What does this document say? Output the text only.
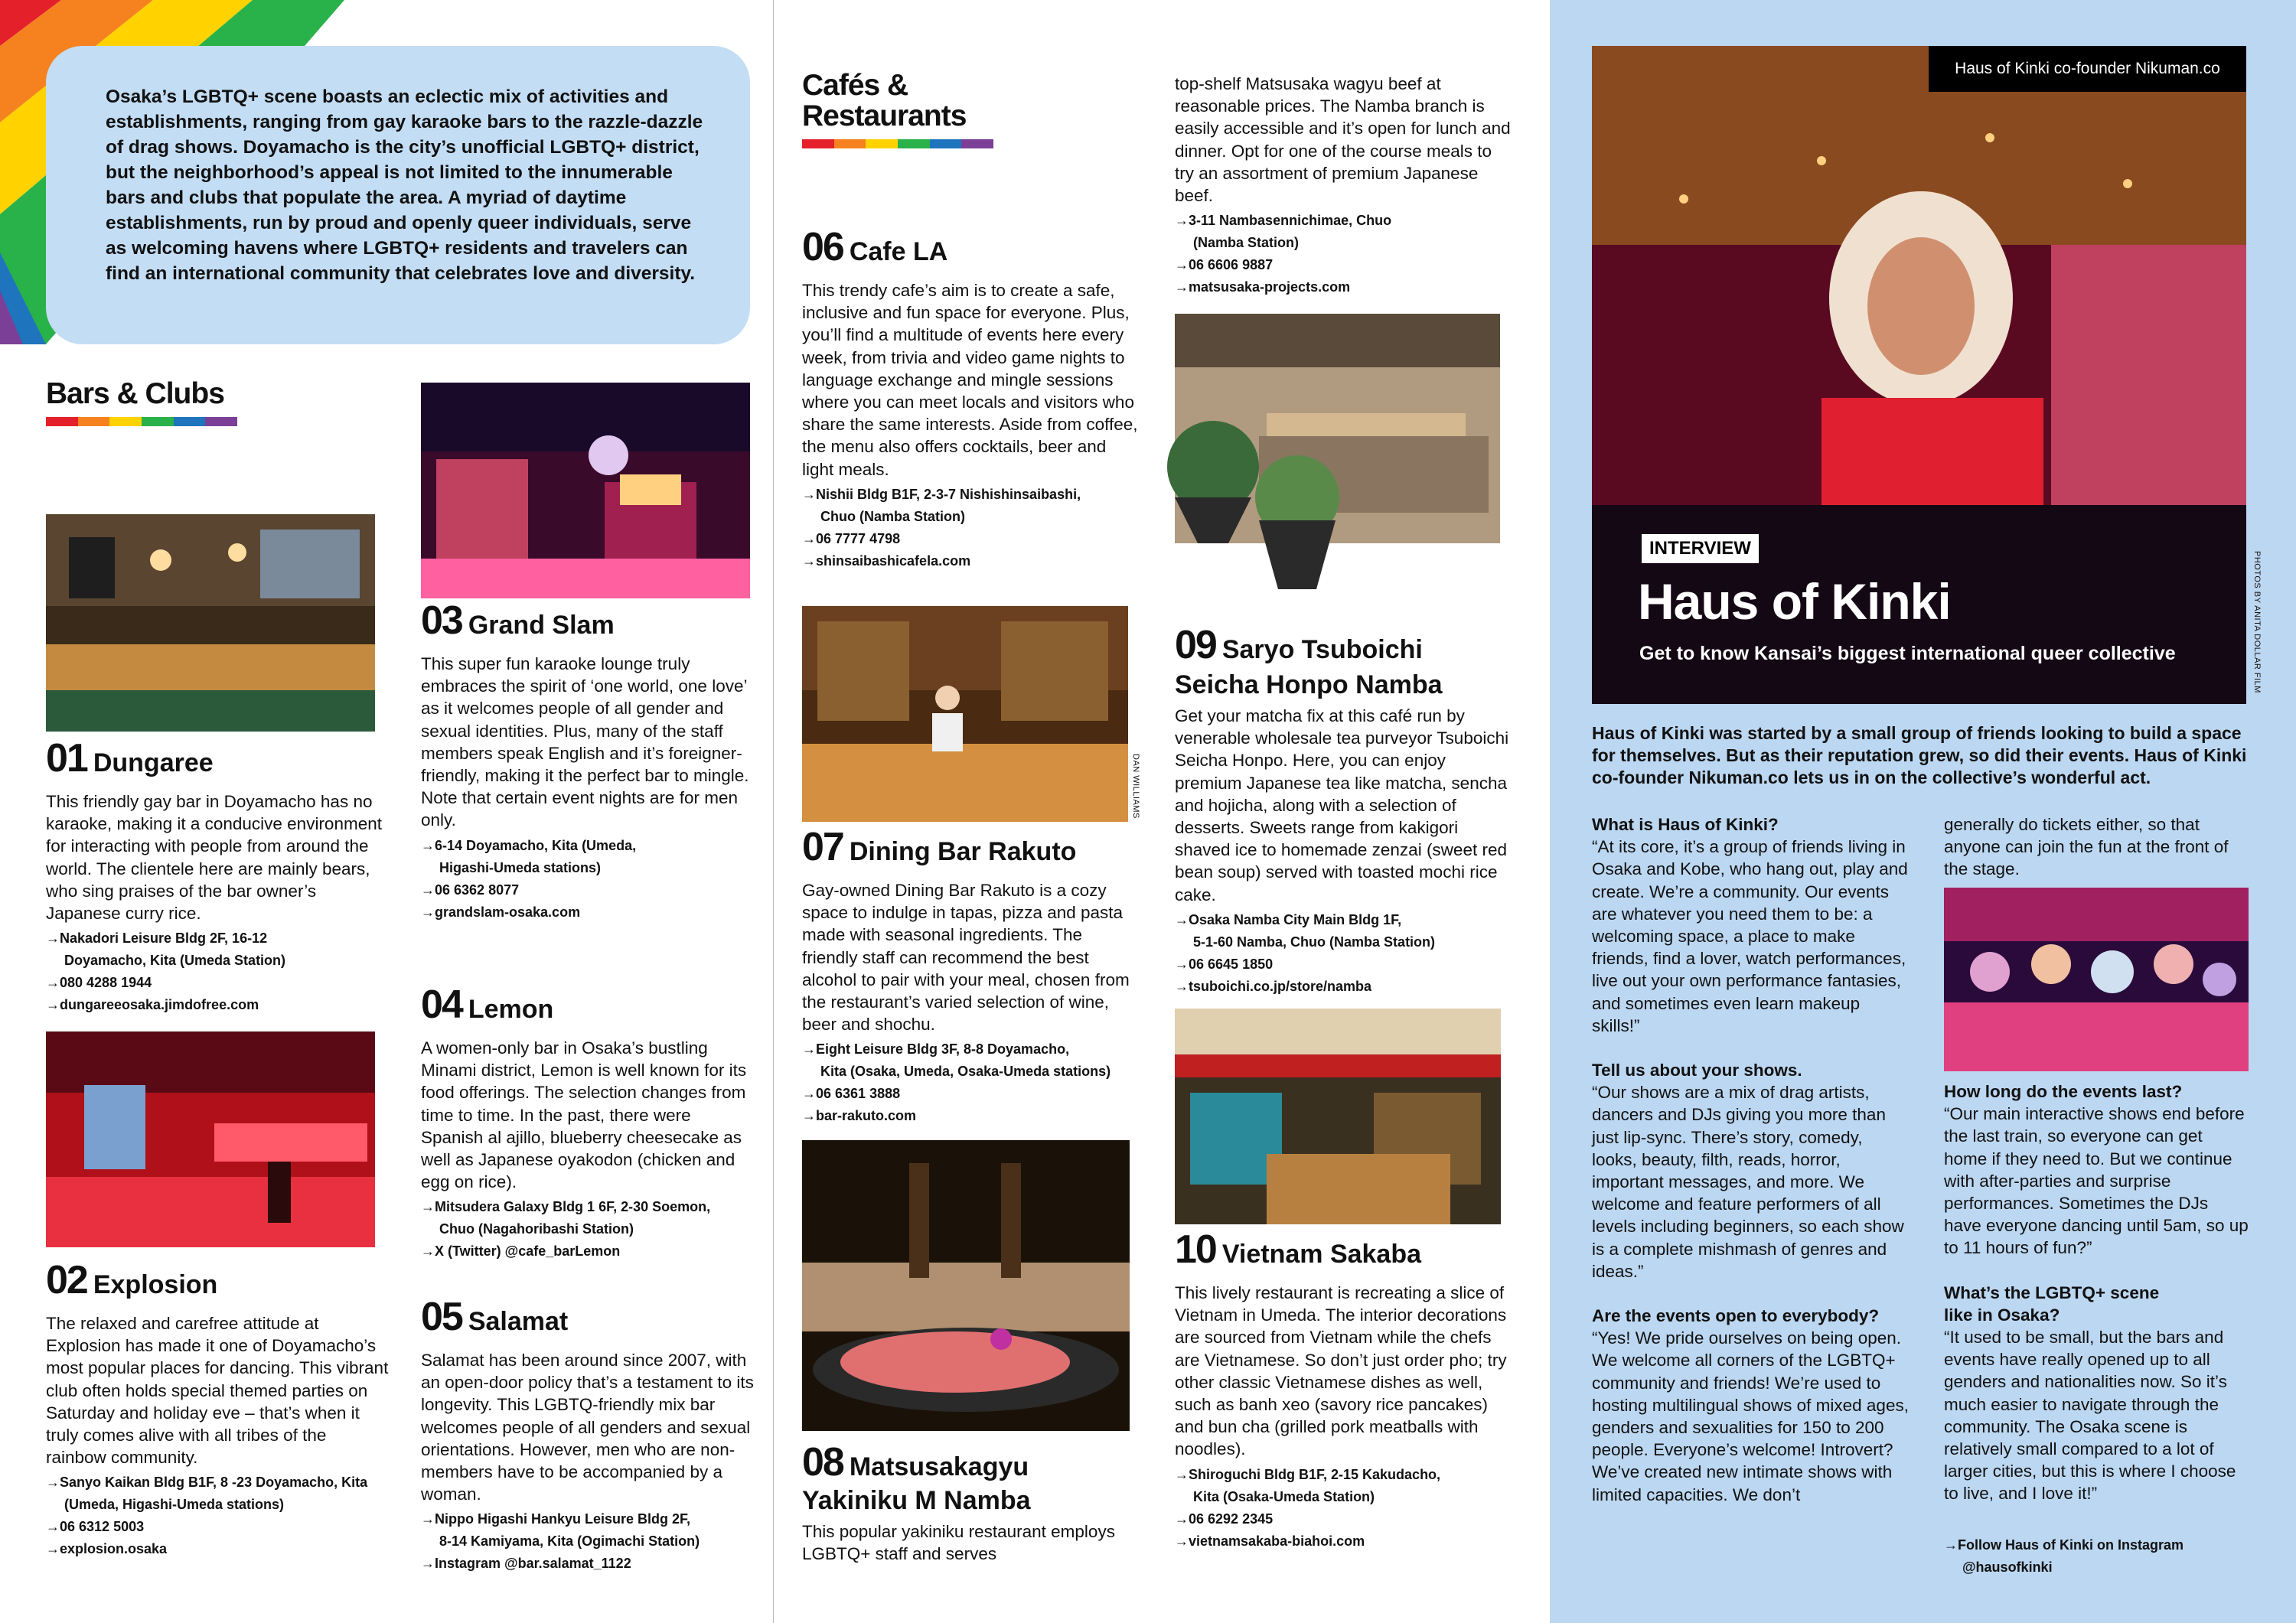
Osaka’s LGBTQ+ scene boasts an eclectic mix of activities and establishments, ranging from gay karaoke bars to the razzle-dazzle of drag shows. Doyamacho is the city’s unofficial LGBTQ+ district, but the neighborhood’s appeal is not limited to the innumerable bars and clubs that populate the area. A myriad of daytime establishments, run by proud and openly queer individuals, serve as welcoming havens where LGBTQ+ residents and travelers can find an international community that celebrates love and diversity.
Bars & Clubs
01 Dungaree
This friendly gay bar in Doyamacho has no karaoke, making it a conducive environment for interacting with people from around the world. The clientele here are mainly bears, who sing praises of the bar owner’s Japanese curry rice.
→Nakadori Leisure Bldg 2F, 16-12
Doyamacho, Kita (Umeda Station)
→080 4288 1944
→dungareeosaka.jimdofree.com
02 Explosion
The relaxed and carefree attitude at Explosion has made it one of Doyamacho’s most popular places for dancing. This vibrant club often holds special themed parties on Saturday and holiday eve – that’s when it truly comes alive with all tribes of the rainbow community.
→Sanyo Kaikan Bldg B1F, 8 -23 Doyamacho, Kita
(Umeda, Higashi-Umeda stations)
→06 6312 5003
→explosion.osaka
03 Grand Slam
This super fun karaoke lounge truly embraces the spirit of ‘one world, one love’ as it welcomes people of all gender and sexual identities. Plus, many of the staff members speak English and it’s foreigner-friendly, making it the perfect bar to mingle. Note that certain event nights are for men only.
→6-14 Doyamacho, Kita (Umeda,
Higashi-Umeda stations)
→06 6362 8077
→grandslam-osaka.com
04 Lemon
A women-only bar in Osaka’s bustling Minami district, Lemon is well known for its food offerings. The selection changes from time to time. In the past, there were Spanish al ajillo, blueberry cheesecake as well as Japanese oyakodon (chicken and egg on rice).
→Mitsudera Galaxy Bldg 1 6F, 2-30 Soemon,
Chuo (Nagahoribashi Station)
→X (Twitter) @cafe_barLemon
05 Salamat
Salamat has been around since 2007, with an open-door policy that’s a testament to its longevity. This LGBTQ-friendly mix bar welcomes people of all genders and sexual orientations. However, men who are non-members have to be accompanied by a woman.
→Nippo Higashi Hankyu Leisure Bldg 2F,
8-14 Kamiyama, Kita (Ogimachi Station)
→Instagram @bar.salamat_1122
Cafés &
Restaurants
06 Cafe LA
This trendy cafe’s aim is to create a safe, inclusive and fun space for everyone. Plus, you’ll find a multitude of events here every week, from trivia and video game nights to language exchange and mingle sessions where you can meet locals and visitors who share the same interests. Aside from coffee, the menu also offers cocktails, beer and light meals.
→Nishii Bldg B1F, 2-3-7 Nishishinsaibashi,
Chuo (Namba Station)
→06 7777 4798
→shinsaibashicafela.com
DAN WILLIAMS
07 Dining Bar Rakuto
Gay-owned Dining Bar Rakuto is a cozy space to indulge in tapas, pizza and pasta made with seasonal ingredients. The friendly staff can recommend the best alcohol to pair with your meal, chosen from the restaurant’s varied selection of wine, beer and shochu.
→Eight Leisure Bldg 3F, 8-8 Doyamacho,
Kita (Osaka, Umeda, Osaka-Umeda stations)
→06 6361 3888
→bar-rakuto.com
08 Matsusakagyu
Yakiniku M Namba
This popular yakiniku restaurant employs LGBTQ+ staff and serves
top-shelf Matsusaka wagyu beef at reasonable prices. The Namba branch is easily accessible and it’s open for lunch and dinner. Opt for one of the course meals to try an assortment of premium Japanese beef.
→3-11 Nambasennichimae, Chuo
(Namba Station)
→06 6606 9887
→matsusaka-projects.com
09 Saryo Tsuboichi
Seicha Honpo Namba
Get your matcha fix at this café run by venerable wholesale tea purveyor Tsuboichi Seicha Honpo. Here, you can enjoy premium Japanese tea like matcha, sencha and hojicha, along with a selection of desserts. Sweets range from kakigori shaved ice to homemade zenzai (sweet red bean soup) served with toasted mochi rice cake.
→Osaka Namba City Main Bldg 1F,
5-1-60 Namba, Chuo (Namba Station)
→06 6645 1850
→tsuboichi.co.jp/store/namba
10 Vietnam Sakaba
This lively restaurant is recreating a slice of Vietnam in Umeda. The interior decorations are sourced from Vietnam while the chefs are Vietnamese. So don’t just order pho; try other classic Vietnamese dishes as well, such as banh xeo (savory rice pancakes) and bun cha (grilled pork meatballs with noodles).
→Shiroguchi Bldg B1F, 2-15 Kakudacho,
Kita (Osaka-Umeda Station)
→06 6292 2345
→vietnamsakaba-biahoi.com
Haus of Kinki co-founder Nikuman.co
INTERVIEW
Haus of Kinki
Get to know Kansai’s biggest international queer collective	PHOTOS BY ANITA DOLLAR FILM
Haus of Kinki was started by a small group of friends looking to build a space for themselves. But as their reputation grew, so did their events. Haus of Kinki co-founder Nikuman.co lets us in on the collective’s wonderful act.
What is Haus of Kinki?
“At its core, it’s a group of friends living in Osaka and Kobe, who hang out, play and create. We’re a community. Our events are whatever you need them to be: a welcoming space, a place to make friends, find a lover, watch performances, live out your own performance fantasies, and sometimes even learn makeup skills!”
Tell us about your shows.
“Our shows are a mix of drag artists, dancers and DJs giving you more than just lip-sync. There’s story, comedy, looks, beauty, filth, reads, horror, important messages, and more. We welcome and feature performers of all levels including beginners, so each show is a complete mishmash of genres and ideas.”
Are the events open to everybody?
“Yes! We pride ourselves on being open. We welcome all corners of the LGBTQ+ community and friends! We’re used to hosting multilingual shows of mixed ages, genders and sexualities for 150 to 200 people. Everyone’s welcome! Introvert? We’ve created new intimate shows with limited capacities. We don’t
generally do tickets either, so that anyone can join the fun at the front of the stage.
How long do the events last?
“Our main interactive shows end before the last train, so everyone can get home if they need to. But we continue with after-parties and surprise performances. Sometimes the DJs have everyone dancing until 5am, so up to 11 hours of fun?”
What’s the LGBTQ+ scene
like in Osaka?
“It used to be small, but the bars and events have really opened up to all genders and nationalities now. So it’s much easier to navigate through the community. The Osaka scene is relatively small compared to a lot of larger cities, but this is where I choose to live, and I love it!”
→Follow Haus of Kinki on Instagram
@hausofkinki
